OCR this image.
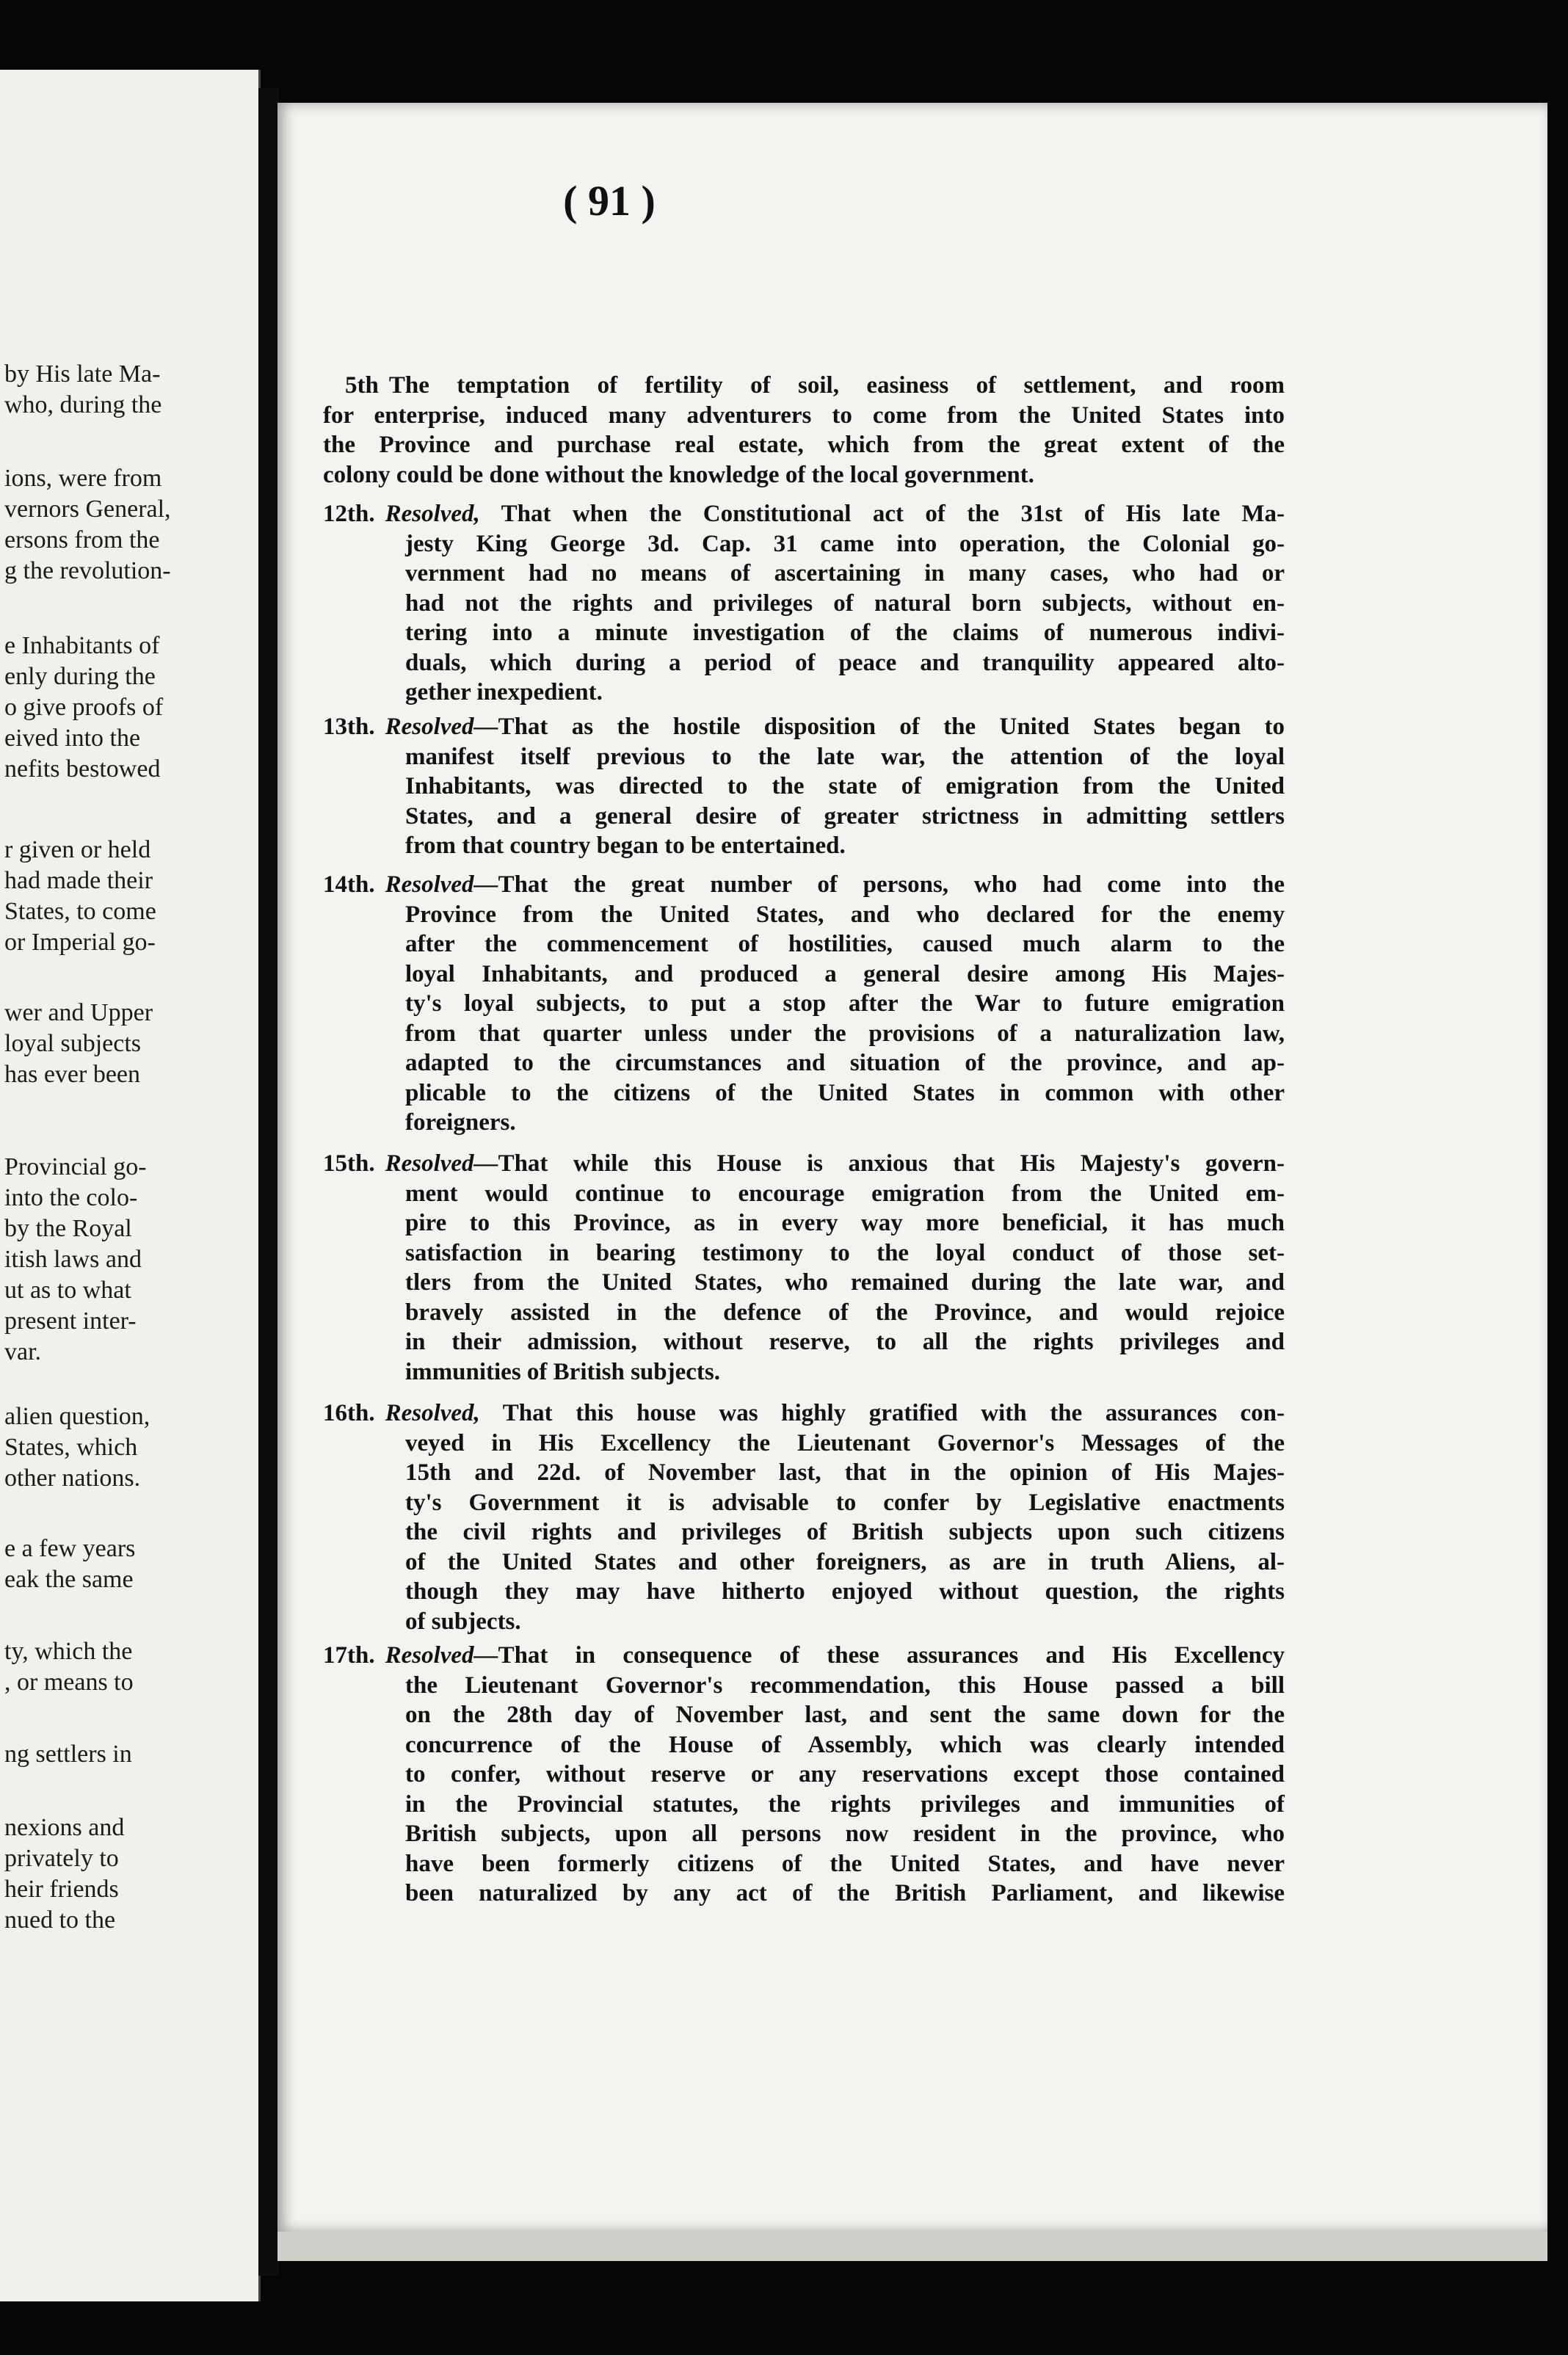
by His late Ma-
who, during the
ions, were from
vernors General,
ersons from the
g the revolution-
e Inhabitants of
enly during the
o give proofs of
eived into the
nefits bestowed
r given or held
had made their
States, to come
or Imperial go-
wer and Upper
loyal subjects
has ever been
Provincial go-
into the colo-
by the Royal
itish laws and
ut as to what
present inter-
var.
alien question,
States, which
other nations.
e a few years
eak the same
ty, which the
, or means to
ng settlers in
nexions and
privately to
heir friends
nued to the
( 91 )
5th The temptation of fertility of soil, easiness of settlement, and room
for enterprise, induced many adventurers to come from the United States into
the Province and purchase real estate, which from the great extent of the
colony could be done without the knowledge of the local government.
12th. Resolved, That when the Constitutional act of the 31st of His late Ma-
jesty King George 3d. Cap. 31 came into operation, the Colonial go-
vernment had no means of ascertaining in many cases, who had or
had not the rights and privileges of natural born subjects, without en-
tering into a minute investigation of the claims of numerous indivi-
duals, which during a period of peace and tranquility appeared alto-
gether inexpedient.
13th. Resolved—That as the hostile disposition of the United States began to
manifest itself previous to the late war, the attention of the loyal
Inhabitants, was directed to the state of emigration from the United
States, and a general desire of greater strictness in admitting settlers
from that country began to be entertained.
14th. Resolved—That the great number of persons, who had come into the
Province from the United States, and who declared for the enemy
after the commencement of hostilities, caused much alarm to the
loyal Inhabitants, and produced a general desire among His Majes-
ty's loyal subjects, to put a stop after the War to future emigration
from that quarter unless under the provisions of a naturalization law,
adapted to the circumstances and situation of the province, and ap-
plicable to the citizens of the United States in common with other
foreigners.
15th. Resolved—That while this House is anxious that His Majesty's govern-
ment would continue to encourage emigration from the United em-
pire to this Province, as in every way more beneficial, it has much
satisfaction in bearing testimony to the loyal conduct of those set-
tlers from the United States, who remained during the late war, and
bravely assisted in the defence of the Province, and would rejoice
in their admission, without reserve, to all the rights privileges and
immunities of British subjects.
16th. Resolved, That this house was highly gratified with the assurances con-
veyed in His Excellency the Lieutenant Governor's Messages of the
15th and 22d. of November last, that in the opinion of His Majes-
ty's Government it is advisable to confer by Legislative enactments
the civil rights and privileges of British subjects upon such citizens
of the United States and other foreigners, as are in truth Aliens, al-
though they may have hitherto enjoyed without question, the rights
of subjects.
17th. Resolved—That in consequence of these assurances and His Excellency
the Lieutenant Governor's recommendation, this House passed a bill
on the 28th day of November last, and sent the same down for the
concurrence of the House of Assembly, which was clearly intended
to confer, without reserve or any reservations except those contained
in the Provincial statutes, the rights privileges and immunities of
British subjects, upon all persons now resident in the province, who
have been formerly citizens of the United States, and have never
been naturalized by any act of the British Parliament, and likewise
